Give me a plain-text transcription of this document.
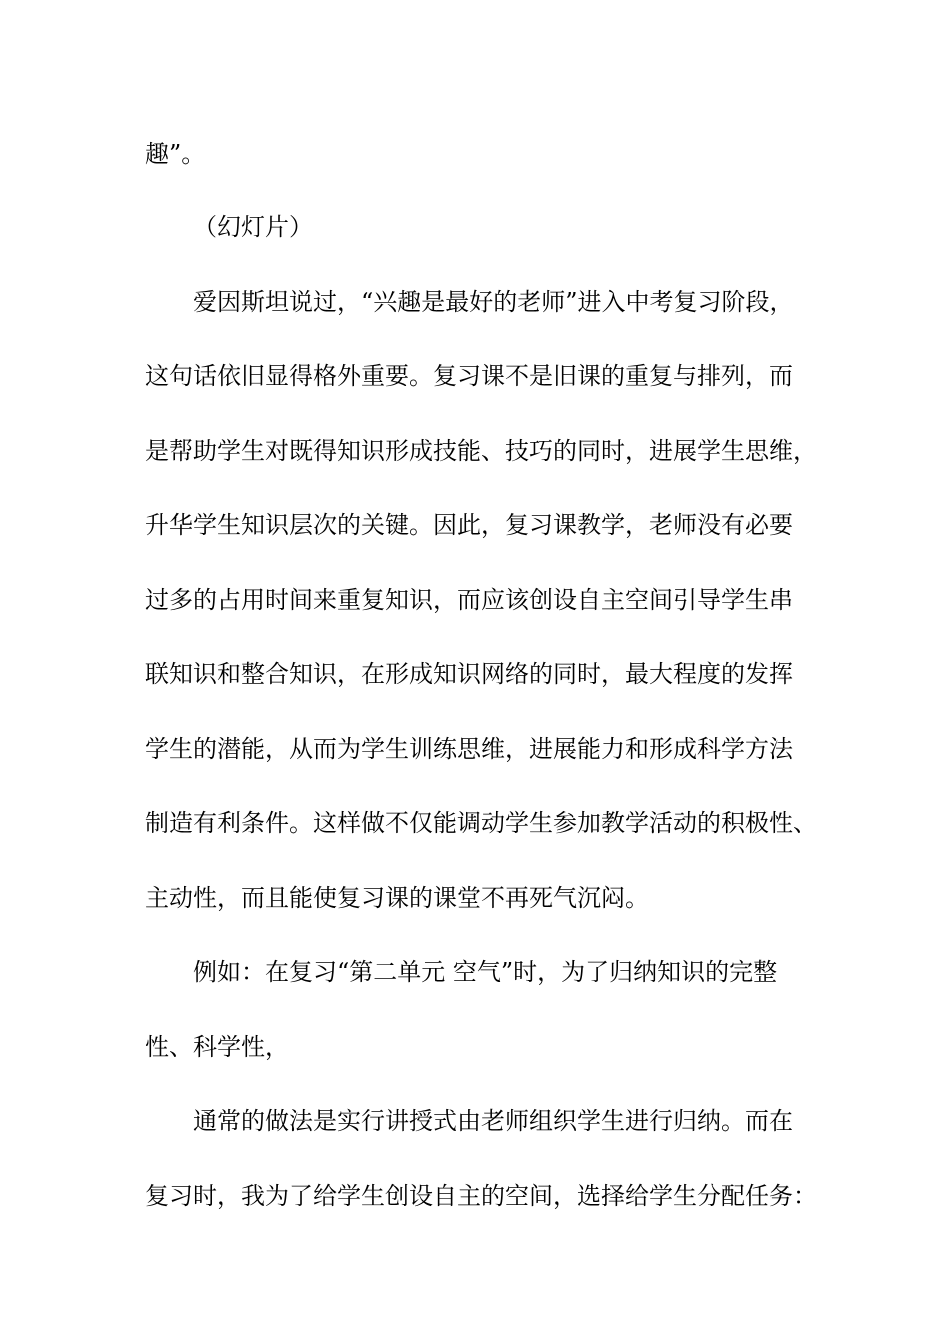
趣”。
（幻灯片）
爱因斯坦说过，“兴趣是最好的老师”进入中考复习阶段，
这句话依旧显得格外重要。复习课不是旧课的重复与排列，而
是帮助学生对既得知识形成技能、技巧的同时，进展学生思维，
升华学生知识层次的关键。因此，复习课教学，老师没有必要
过多的占用时间来重复知识，而应该创设自主空间引导学生串
联知识和整合知识，在形成知识网络的同时，最大程度的发挥
学生的潜能，从而为学生训练思维，进展能力和形成科学方法
制造有利条件。这样做不仅能调动学生参加教学活动的积极性、
主动性，而且能使复习课的课堂不再死气沉闷。
例如：在复习“第二单元 空气”时，为了归纳知识的完整
性、科学性，
通常的做法是实行讲授式由老师组织学生进行归纳。而在
复习时，我为了给学生创设自主的空间，选择给学生分配任务：
